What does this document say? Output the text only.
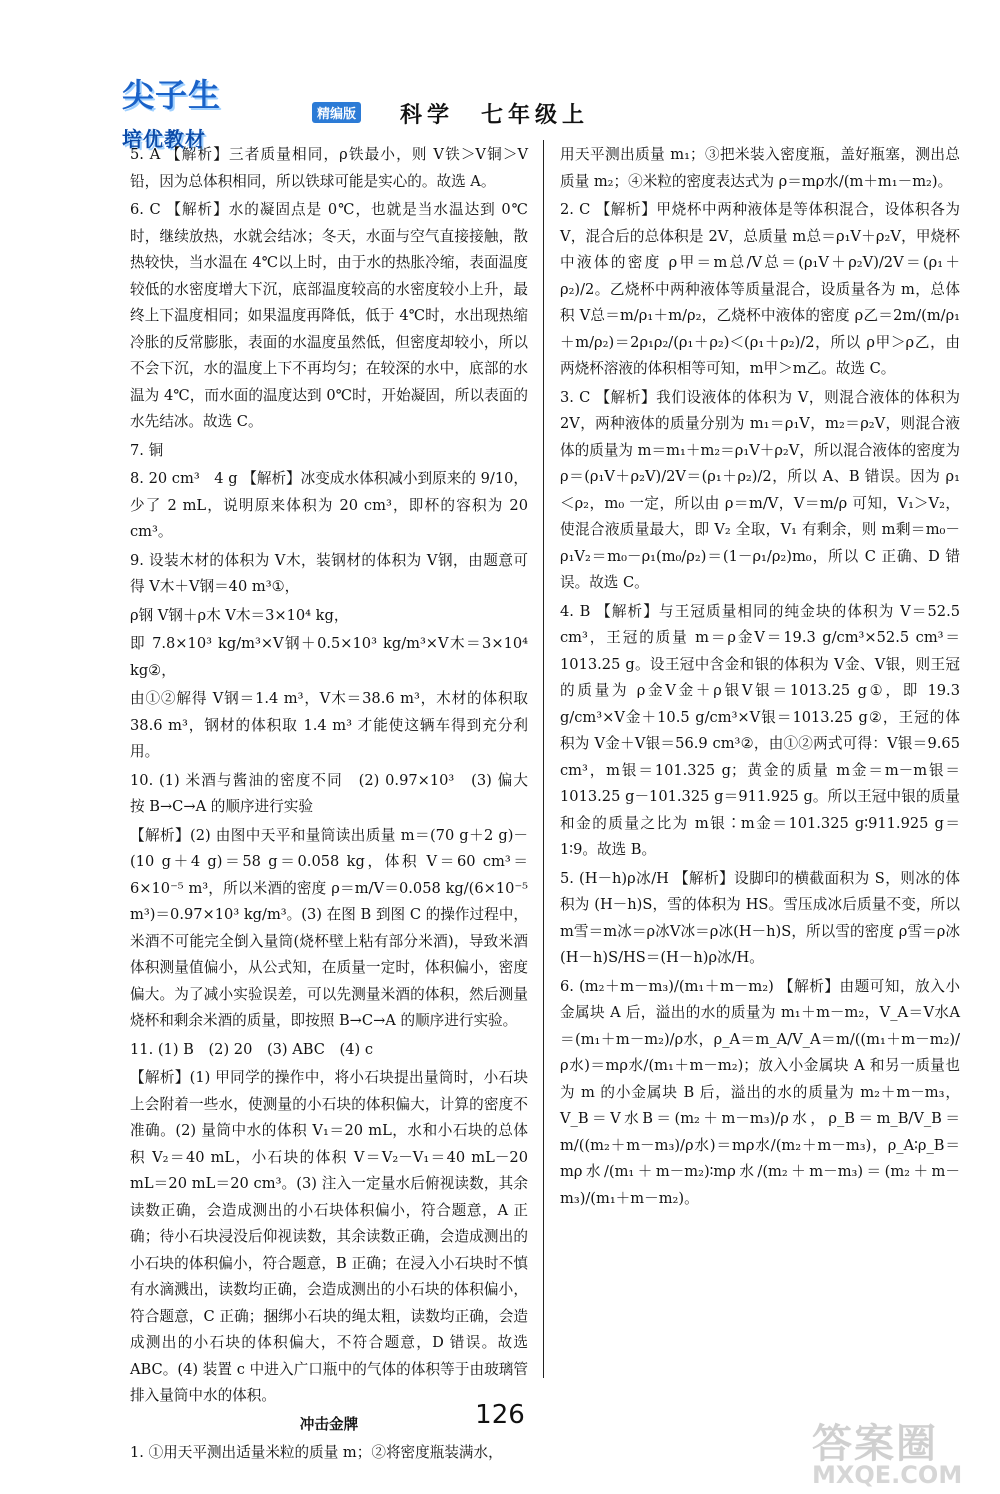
尖子生
培优教材
精编版 科学　七年级上

5. A 【解析】三者质量相同，ρ铁最小，则 V铁＞V铜＞V铅，因为总体积相同，所以铁球可能是实心的。故选 A。

6. C 【解析】水的凝固点是 0℃，也就是当水温达到 0℃时，继续放热，水就会结冰；冬天，水面与空气直接接触，散热较快，当水温在 4℃以上时，由于水的热胀冷缩，表面温度较低的水密度增大下沉，底部温度较高的水密度较小上升，最终上下温度相同；如果温度再降低，低于 4℃时，水出现热缩冷胀的反常膨胀，表面的水温度虽然低，但密度却较小，所以不会下沉，水的温度上下不再均匀；在较深的水中，底部的水温为 4℃，而水面的温度达到 0℃时，开始凝固，所以表面的水先结冰。故选 C。

7. 铜

8. 20 cm³　4 g 【解析】冰变成水体积减小到原来的 9/10，少了 2 mL，说明原来体积为 20 cm³，即杯的容积为 20 cm³。

9. 设装木材的体积为 V木，装钢材的体积为 V钢，由题意可得 V木＋V钢＝40 m³①，

ρ钢 V钢＋ρ木 V木＝3×10⁴ kg，

即 7.8×10³ kg/m³×V钢＋0.5×10³ kg/m³×V木＝3×10⁴ kg②，

由①②解得 V钢＝1.4 m³，V木＝38.6 m³，木材的体积取 38.6 m³，钢材的体积取 1.4 m³ 才能使这辆车得到充分利用。

10. (1) 米酒与酱油的密度不同　(2) 0.97×10³　(3) 偏大　按 B→C→A 的顺序进行实验

【解析】(2) 由图中天平和量筒读出质量 m＝(70 g＋2 g)－(10 g＋4 g)＝58 g＝0.058 kg，体积 V＝60 cm³＝6×10⁻⁵ m³，所以米酒的密度 ρ＝m/V＝0.058 kg/(6×10⁻⁵ m³)＝0.97×10³ kg/m³。(3) 在图 B 到图 C 的操作过程中，米酒不可能完全倒入量筒(烧杯壁上粘有部分米酒)，导致米酒体积测量值偏小，从公式知，在质量一定时，体积偏小，密度偏大。为了减小实验误差，可以先测量米酒的体积，然后测量烧杯和剩余米酒的质量，即按照 B→C→A 的顺序进行实验。

11. (1) B　(2) 20　(3) ABC　(4) c

【解析】(1) 甲同学的操作中，将小石块提出量筒时，小石块上会附着一些水，使测量的小石块的体积偏大，计算的密度不准确。(2) 量筒中水的体积 V₁＝20 mL，水和小石块的总体积 V₂＝40 mL，小石块的体积 V＝V₂－V₁＝40 mL－20 mL＝20 mL＝20 cm³。(3) 注入一定量水后俯视读数，其余读数正确，会造成测出的小石块体积偏小，符合题意，A 正确；待小石块浸没后仰视读数，其余读数正确，会造成测出的小石块的体积偏小，符合题意，B 正确；在浸入小石块时不慎有水滴溅出，读数均正确，会造成测出的小石块的体积偏小，符合题意，C 正确；捆绑小石块的绳太粗，读数均正确，会造成测出的小石块的体积偏大，不符合题意，D 错误。故选 ABC。(4) 装置 c 中进入广口瓶中的气体的体积等于由玻璃管排入量筒中水的体积。

冲击金牌

1. ①用天平测出适量米粒的质量 m；②将密度瓶装满水，

用天平测出质量 m₁；③把米装入密度瓶，盖好瓶塞，测出总质量 m₂；④米粒的密度表达式为 ρ＝mρ水/(m＋m₁－m₂)。

2. C 【解析】甲烧杯中两种液体是等体积混合，设体积各为 V，混合后的总体积是 2V，总质量 m总＝ρ₁V＋ρ₂V，甲烧杯中液体的密度 ρ甲＝m总/V总＝(ρ₁V＋ρ₂V)/2V＝(ρ₁＋ρ₂)/2。乙烧杯中两种液体等质量混合，设质量各为 m，总体积 V总＝m/ρ₁＋m/ρ₂，乙烧杯中液体的密度 ρ乙＝2m/(m/ρ₁＋m/ρ₂)＝2ρ₁ρ₂/(ρ₁＋ρ₂)＜(ρ₁＋ρ₂)/2，所以 ρ甲＞ρ乙，由两烧杯溶液的体积相等可知，m甲＞m乙。故选 C。

3. C 【解析】我们设液体的体积为 V，则混合液体的体积为 2V，两种液体的质量分别为 m₁＝ρ₁V，m₂＝ρ₂V，则混合液体的质量为 m＝m₁＋m₂＝ρ₁V＋ρ₂V，所以混合液体的密度为 ρ＝(ρ₁V＋ρ₂V)/2V＝(ρ₁＋ρ₂)/2，所以 A、B 错误。因为 ρ₁＜ρ₂，m₀ 一定，所以由 ρ＝m/V，V＝m/ρ 可知，V₁＞V₂，使混合液质量最大，即 V₂ 全取，V₁ 有剩余，则 m剩＝m₀－ρ₁V₂＝m₀－ρ₁(m₀/ρ₂)＝(1－ρ₁/ρ₂)m₀，所以 C 正确、D 错误。故选 C。

4. B 【解析】与王冠质量相同的纯金块的体积为 V＝52.5 cm³，王冠的质量 m＝ρ金V＝19.3 g/cm³×52.5 cm³＝1013.25 g。设王冠中含金和银的体积为 V金、V银，则王冠的质量为 ρ金V金＋ρ银V银＝1013.25 g①，即 19.3 g/cm³×V金＋10.5 g/cm³×V银＝1013.25 g②，王冠的体积为 V金＋V银＝56.9 cm³②，由①②两式可得：V银＝9.65 cm³，m银＝101.325 g；黄金的质量 m金＝m－m银＝1013.25 g－101.325 g＝911.925 g。所以王冠中银的质量和金的质量之比为 m银∶m金＝101.325 g∶911.925 g＝1∶9。故选 B。

5. (H－h)ρ冰/H 【解析】设脚印的横截面积为 S，则冰的体积为 (H－h)S，雪的体积为 HS。雪压成冰后质量不变，所以 m雪＝m冰＝ρ冰V冰＝ρ冰(H－h)S，所以雪的密度 ρ雪＝ρ冰(H－h)S/HS＝(H－h)ρ冰/H。

6. (m₂＋m－m₃)/(m₁＋m－m₂) 【解析】由题可知，放入小金属块 A 后，溢出的水的质量为 m₁＋m－m₂，V_A＝V水A＝(m₁＋m－m₂)/ρ水，ρ_A＝m_A/V_A＝m/((m₁＋m－m₂)/ρ水)＝mρ水/(m₁＋m－m₂)；放入小金属块 A 和另一质量也为 m 的小金属块 B 后，溢出的水的质量为 m₂＋m－m₃，V_B＝V水B＝(m₂＋m－m₃)/ρ水，ρ_B＝m_B/V_B＝m/((m₂＋m－m₃)/ρ水)＝mρ水/(m₂＋m－m₃)，ρ_A∶ρ_B＝mρ水/(m₁＋m－m₂)∶mρ水/(m₂＋m－m₃)＝(m₂＋m－m₃)/(m₁＋m－m₂)。

126
答案圈
MXQE.COM
